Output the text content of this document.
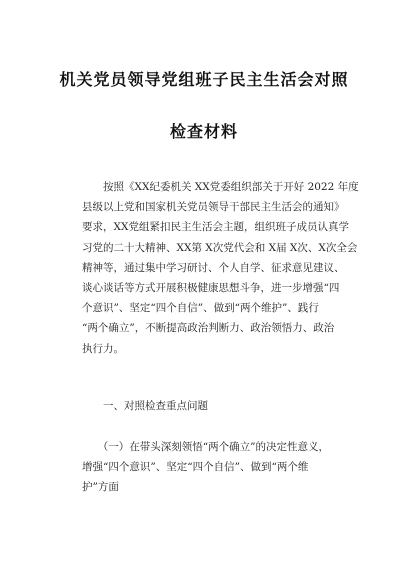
机关党员领导党组班子民主生活会对照
检查材料
　　按照《XX纪委机关 XX党委组织部关于开好 2022 年度
县级以上党和国家机关党员领导干部民主生活会的通知》
要求，XX党组紧扣民主生活会主题，组织班子成员认真学
习党的二十大精神、XX第 X次党代会和 X届 X次、X次全会
精神等，通过集中学习研讨、个人自学、征求意见建议、
谈心谈话等方式开展积极健康思想斗争，进一步增强“四
个意识”、坚定“四个自信”、做到“两个维护”、践行
“两个确立”，不断提高政治判断力、政治领悟力、政治
执行力。
　　一、对照检查重点问题
　　（一）在带头深刻领悟“两个确立”的决定性意义，
增强“四个意识”、坚定“四个自信”、做到“两个维
护”方面
